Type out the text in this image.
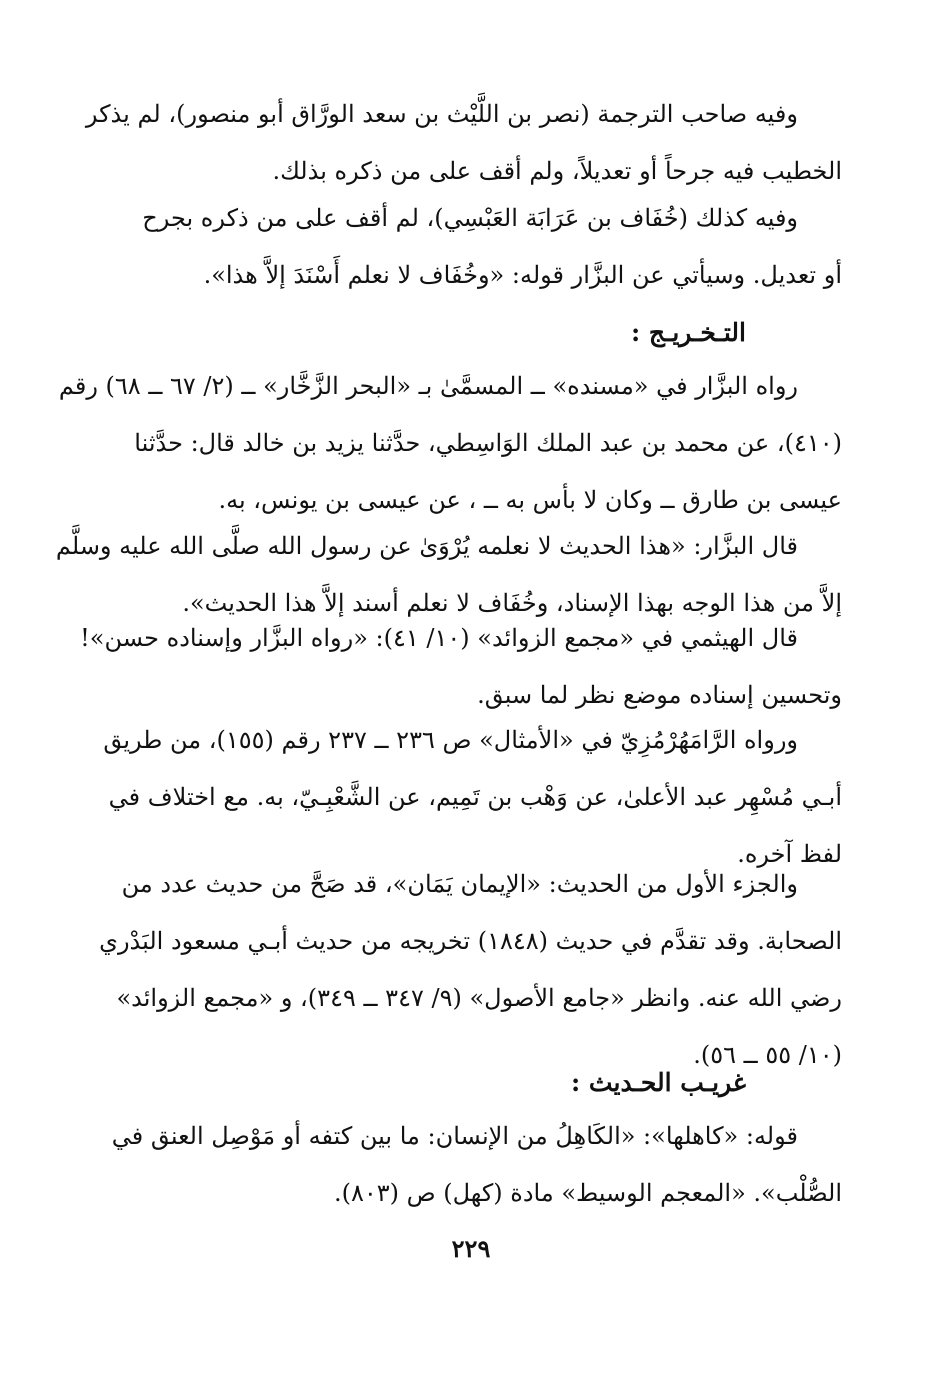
وفيه صاحب الترجمة (نصر بن اللَّيْث بن سعد الورَّاق أبو منصور)، لم يذكر
الخطيب فيه جرحاً أو تعديلاً، ولم أقف على من ذكره بذلك.
وفيه كذلك (خُفَاف بن عَرَابَة العَبْسِي)، لم أقف على من ذكره بجرح
أو تعديل. وسيأتي عن البزَّار قوله: «وخُفَاف لا نعلم أَسْنَدَ إلاَّ هذا».
التـخـريـج :
رواه البزَّار في «مسنده» ــ المسمَّىٰ بـ «البحر الزَّخَّار» ــ (٢/ ٦٧ ــ ٦٨) رقم
(٤١٠)، عن محمد بن عبد الملك الوَاسِطي، حدَّثنا يزيد بن خالد قال: حدَّثنا
عيسى بن طارق ــ وكان لا بأس به ــ ، عن عيسى بن يونس، به.
قال البزَّار: «هذا الحديث لا نعلمه يُرْوَىٰ عن رسول الله صلَّى الله عليه وسلَّم
إلاَّ من هذا الوجه بهذا الإسناد، وخُفَاف لا نعلم أسند إلاَّ هذا الحديث».
قال الهيثمي في «مجمع الزوائد» (١٠/ ٤١): «رواه البزَّار وإسناده حسن»!
وتحسين إسناده موضع نظر لما سبق.
ورواه الرَّامَهُرْمُزِيّ في «الأمثال» ص ٢٣٦ ــ ٢٣٧ رقم (١٥٥)، من طريق
أبـي مُسْهِر عبد الأعلىٰ، عن وَهْب بن تَمِيم، عن الشَّعْبِـيّ، به. مع اختلاف في
لفظ آخره.
والجزء الأول من الحديث: «الإيمان يَمَان»، قد صَحَّ من حديث عدد من
الصحابة. وقد تقدَّم في حديث (١٨٤٨) تخريجه من حديث أبـي مسعود البَدْري
رضي الله عنه. وانظر «جامع الأصول» (٩/ ٣٤٧ ــ ٣٤٩)، و «مجمع الزوائد»
(١٠/ ٥٥ ــ ٥٦).
غريـب الحـديث :
قوله: «كاهلها»: «الكَاهِلُ من الإنسان: ما بين كتفه أو مَوْصِل العنق في
الصُّلْب». «المعجم الوسيط» مادة (كهل) ص (٨٠٣).
٢٢٩
